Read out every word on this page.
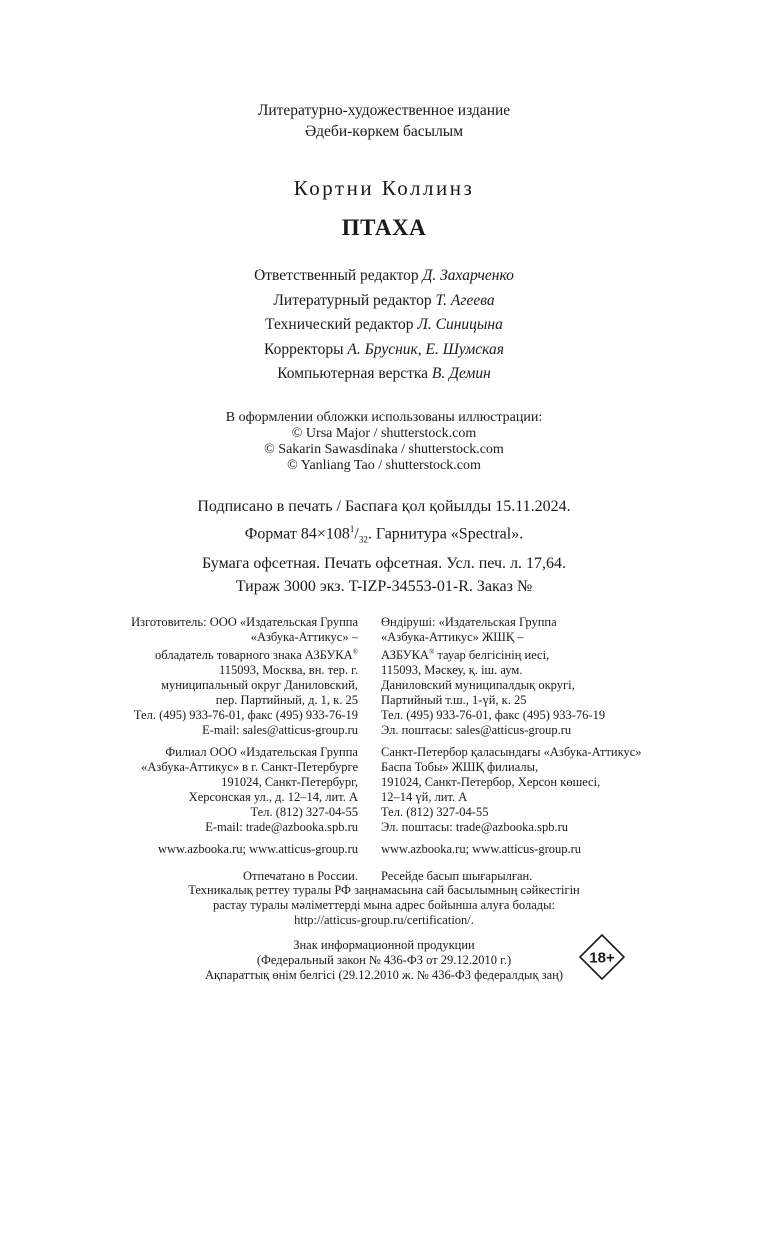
Литературно-художественное издание
Әдеби-көркем басылым
Кортни Коллинз
ПТАХА
Ответственный редактор Д. Захарченко
Литературный редактор Т. Агеева
Технический редактор Л. Синицына
Корректоры А. Брусник, Е. Шумская
Компьютерная верстка В. Демин
В оформлении обложки использованы иллюстрации:
© Ursa Major / shutterstock.com
© Sakarin Sawasdinaka / shutterstock.com
© Yanliang Tao / shutterstock.com
Подписано в печать / Баспаға қол қойылды 15.11.2024.
Формат $84\times 108^1/_{32}$. Гарнитура «Spectral».
Бумага офсетная. Печать офсетная. Усл. печ. л. 17,64.
Тираж 3000 экз. T-IZP-34553-01-R. Заказ №
Изготовитель: ООО «Издательская Группа
«Азбука-Аттикус» –
обладатель товарного знака АЗБУКА®
115093, Москва, вн. тер. г.
муниципальный округ Даниловский,
пер. Партийный, д. 1, к. 25
Тел. (495) 933-76-01, факс (495) 933-76-19
E-mail: sales@atticus-group.ru
Филиал ООО «Издательская Группа
«Азбука-Аттикус» в г. Санкт-Петербурге
191024, Санкт-Петербург,
Херсонская ул., д. 12–14, лит. А
Тел. (812) 327-04-55
E-mail: trade@azbooka.spb.ru
www.azbooka.ru; www.atticus-group.ru
Отпечатано в России.
Өндіруші: «Издательская Группа
«Азбука-Аттикус» ЖШҚ –
АЗБУКА® тауар белгісінің иесі,
115093, Мәскеу, қ. іш. аум.
Даниловский муниципалдық округі,
Партийный т.ш., 1-үй, к. 25
Тел. (495) 933-76-01, факс (495) 933-76-19
Эл. поштасы: sales@atticus-group.ru
Санкт-Петербор қаласындағы «Азбука-Аттикус»
Баспа Тобы» ЖШҚ филиалы,
191024, Санкт-Петербор, Херсон көшесі,
12–14 үй, лит. А
Тел. (812) 327-04-55
Эл. поштасы: trade@azbooka.spb.ru
www.azbooka.ru; www.atticus-group.ru
Ресейде басып шығарылған.
Техникалық реттеу туралы РФ заңнамасына сай басылымның сәйкестігін
растау туралы мәліметтерді мына адрес бойынша алуға болады:
http://atticus-group.ru/certification/.
Знак информационной продукции
(Федеральный закон № 436-ФЗ от 29.12.2010 г.)
Ақпараттық өнім белгісі (29.12.2010 ж. № 436-ФЗ федералдық заң)
18+
